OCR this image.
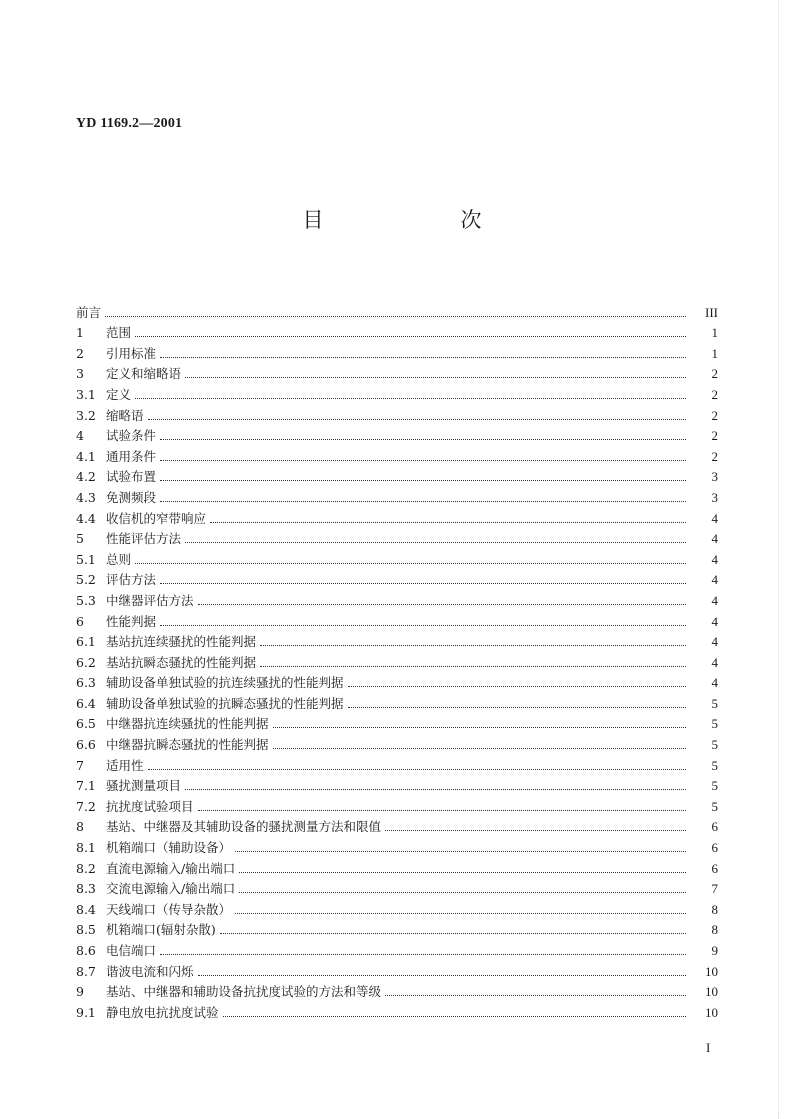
YD 1169.2—2001
目　次
前言	III
1	范围	1
2	引用标准	1
3	定义和缩略语	2
3.1 定义	2
3.2 缩略语	2
4	试验条件	2
4.1 通用条件	2
4.2 试验布置	3
4.3 免测频段	3
4.4 收信机的窄带响应	4
5	性能评估方法	4
5.1 总则	4
5.2 评估方法	4
5.3 中继器评估方法	4
6	性能判据	4
6.1 基站抗连续骚扰的性能判据	4
6.2 基站抗瞬态骚扰的性能判据	4
6.3 辅助设备单独试验的抗连续骚扰的性能判据	4
6.4 辅助设备单独试验的抗瞬态骚扰的性能判据	5
6.5 中继器抗连续骚扰的性能判据	5
6.6 中继器抗瞬态骚扰的性能判据	5
7	适用性	5
7.1 骚扰测量项目	5
7.2 抗扰度试验项目	5
8	基站、中继器及其辅助设备的骚扰测量方法和限值	6
8.1 机箱端口（辅助设备）	6
8.2 直流电源输入/输出端口	6
8.3 交流电源输入/输出端口	7
8.4 天线端口（传导杂散）	8
8.5 机箱端口(辐射杂散)	8
8.6 电信端口	9
8.7 谐波电流和闪烁	10
9	基站、中继器和辅助设备抗扰度试验的方法和等级	10
9.1 静电放电抗扰度试验	10
I
